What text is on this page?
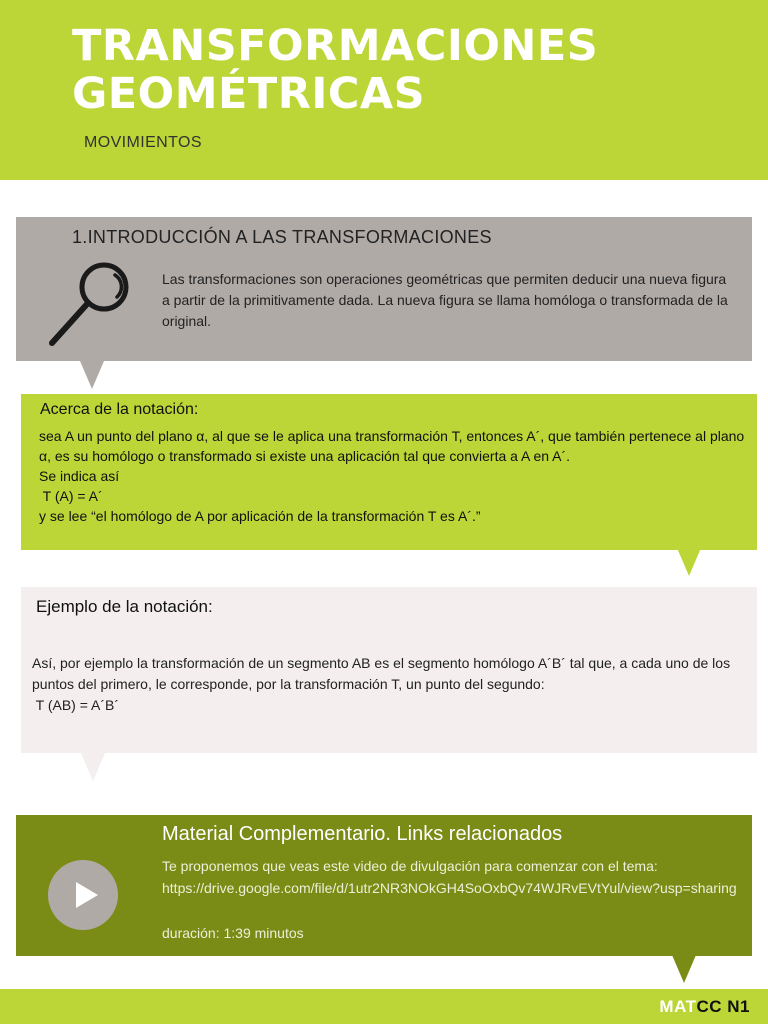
TRANSFORMACIONES
GEOMÉTRICAS
MOVIMIENTOS
1.INTRODUCCIÓN A LAS TRANSFORMACIONES
Las transformaciones son operaciones geométricas que permiten deducir una nueva figura a partir de la primitivamente dada. La nueva figura se llama homóloga o transformada de la original.
Acerca de la notación:
sea A un punto del plano α, al que se le aplica una transformación T, entonces A´, que también pertenece al plano α, es su homólogo o transformado si existe una aplicación tal que convierta a A en A´.
Se indica así
T (A) = A´
y se lee “el homólogo de A por aplicación de la transformación T es A´.”
Ejemplo de la notación:
Así, por ejemplo la transformación de un segmento AB es el segmento homólogo A´B´ tal que, a cada uno de los puntos del primero, le corresponde, por la transformación T, un punto del segundo:
T (AB) = A´B´
Material Complementario. Links relacionados
Te proponemos que veas este video de divulgación para comenzar con el tema:
https://drive.google.com/file/d/1utr2NR3NOkGH4SoOxbQv74WJRvEVtYul/view?usp=sharing
duración: 1:39 minutos
MATCC N1
